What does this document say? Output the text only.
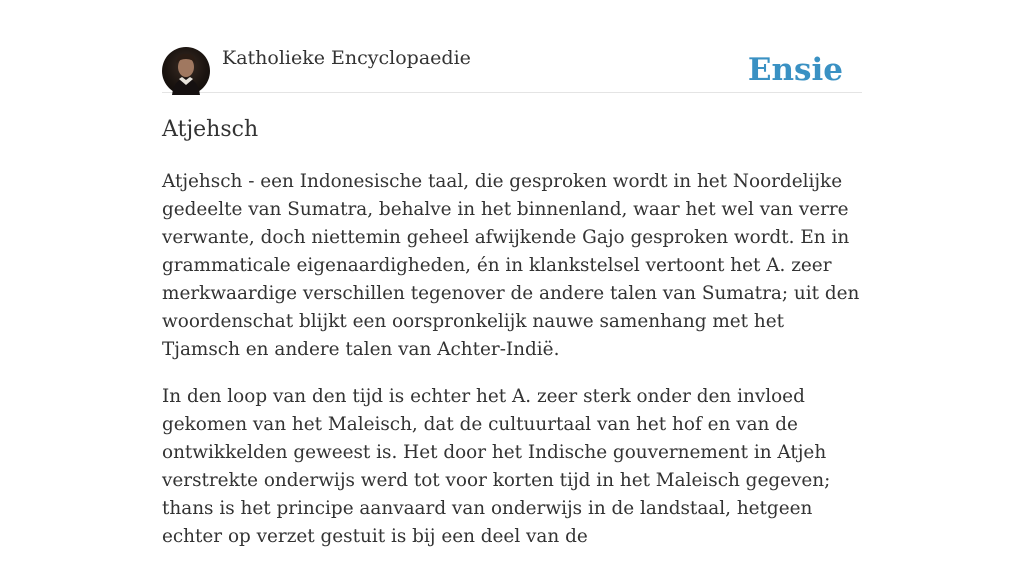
Katholieke Encyclopaedie	Ensie
Atjehsch

Atjehsch - een Indonesische taal, die gesproken wordt in het Noordelijke gedeelte van Sumatra, behalve in het binnenland, waar het wel van verre verwante, doch niettemin geheel afwijkende Gajo gesproken wordt. En in grammaticale eigenaardigheden, én in klankstelsel vertoont het A. zeer merkwaardige verschillen tegenover de andere talen van Sumatra; uit den woordenschat blijkt een oorspronkelijk nauwe samenhang met het Tjamsch en andere talen van Achter-Indië.

In den loop van den tijd is echter het A. zeer sterk onder den invloed gekomen van het Maleisch, dat de cultuurtaal van het hof en van de ontwikkelden geweest is. Het door het Indische gouvernement in Atjeh verstrekte onderwijs werd tot voor korten tijd in het Maleisch gegeven; thans is het principe aanvaard van onderwijs in de landstaal, hetgeen echter op verzet gestuit is bij een deel van de
